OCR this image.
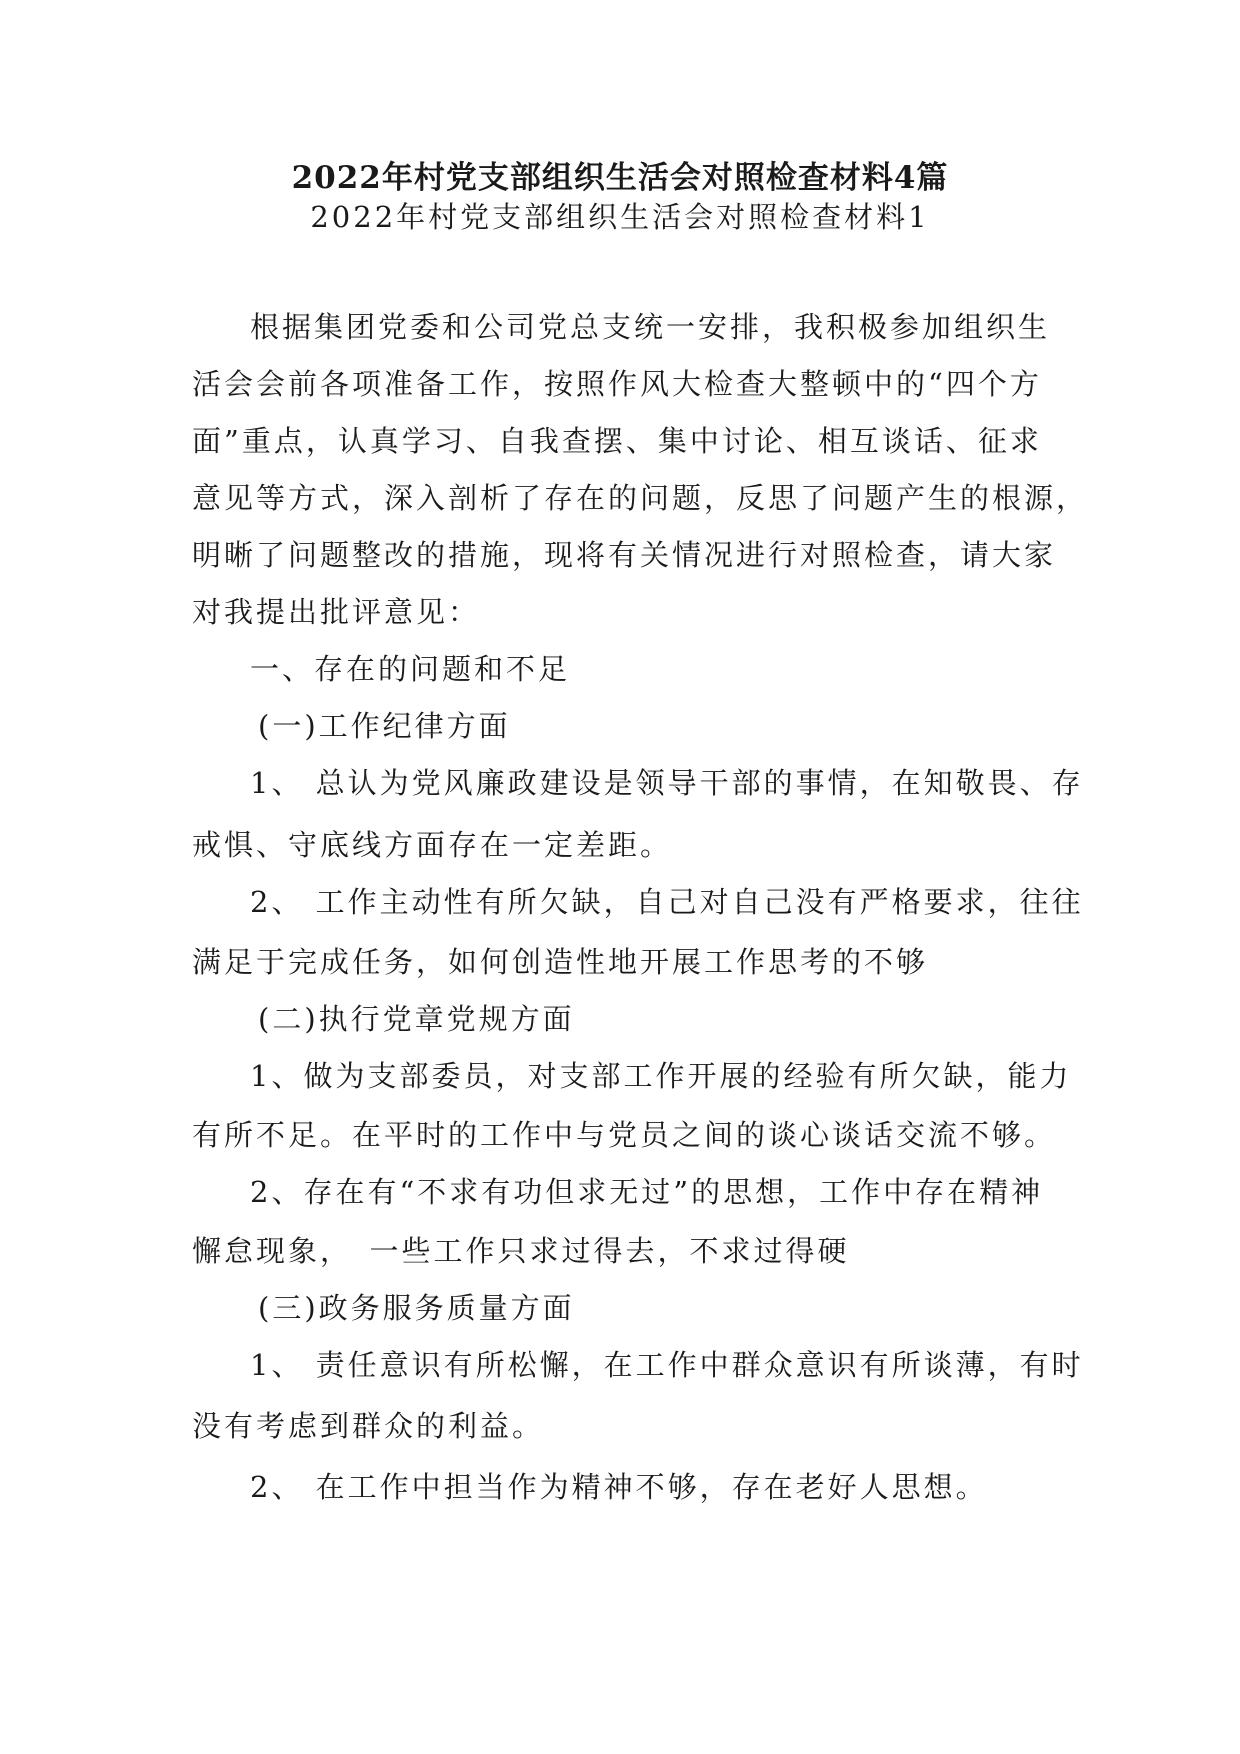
2022年村党支部组织生活会对照检查材料4篇
2022年村党支部组织生活会对照检查材料1
根据集团党委和公司党总支统一安排，我积极参加组织生
活会会前各项准备工作，按照作风大检查大整顿中的“四个方
面”重点，认真学习、自我查摆、集中讨论、相互谈话、征求
意见等方式，深入剖析了存在的问题，反思了问题产生的根源，
明晰了问题整改的措施，现将有关情况进行对照检查，请大家
对我提出批评意见：
一、存在的问题和不足
(一)工作纪律方面
1、 总认为党风廉政建设是领导干部的事情，在知敬畏、存
戒惧、守底线方面存在一定差距。
2、 工作主动性有所欠缺，自己对自己没有严格要求，往往
满足于完成任务，如何创造性地开展工作思考的不够
(二)执行党章党规方面
1、做为支部委员，对支部工作开展的经验有所欠缺，能力
有所不足。在平时的工作中与党员之间的谈心谈话交流不够。
2、存在有“不求有功但求无过”的思想，工作中存在精神
懈怠现象，　一些工作只求过得去，不求过得硬
(三)政务服务质量方面
1、 责任意识有所松懈，在工作中群众意识有所谈薄，有时
没有考虑到群众的利益。
2、 在工作中担当作为精神不够，存在老好人思想。
